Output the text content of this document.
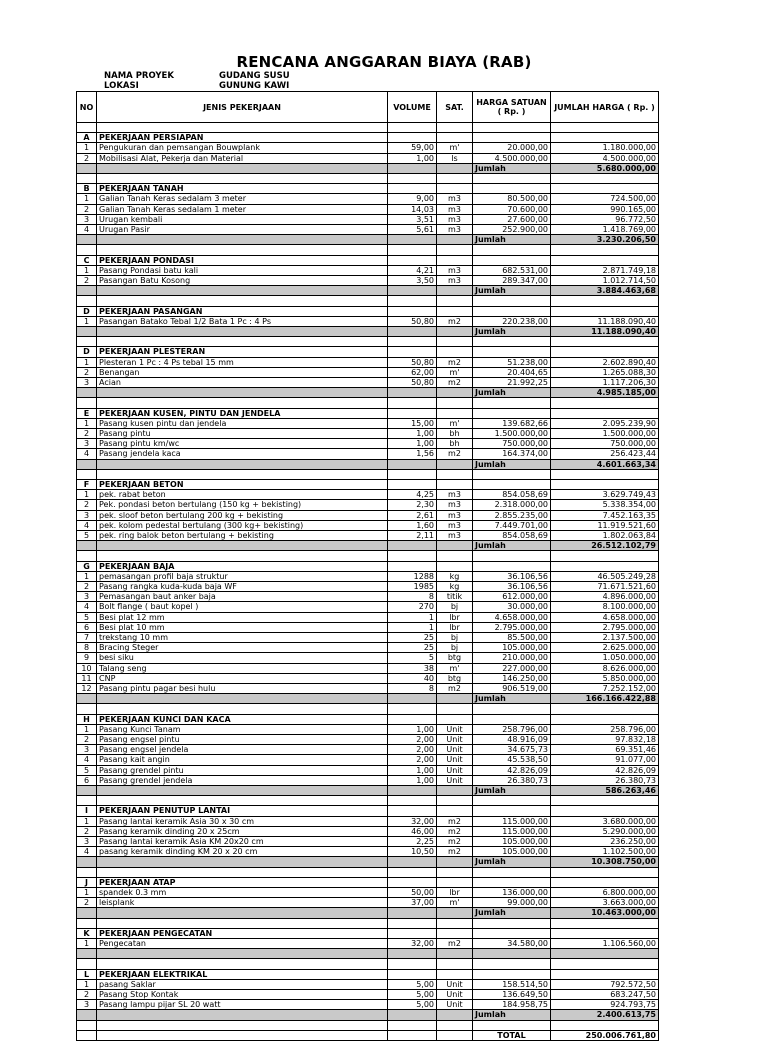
RENCANA ANGGARAN BIAYA (RAB)
NAMA PROYEK	GUDANG SUSU
LOKASI	GUNUNG KAWI
NO	JENIS PEKERJAAN	VOLUME	SAT.	HARGA SATUAN ( Rp. )	JUMLAH HARGA ( Rp. )

A	PEKERJAAN PERSIAPAN				
1	Pengukuran dan pemsangan Bouwplank	59,00	m'	20.000,00	1.180.000,00
2	Mobilisasi Alat, Pekerja dan Material	1,00	ls	4.500.000,00	4.500.000,00
				Jumlah	5.680.000,00

B	PEKERJAAN TANAH				
1	Galian Tanah Keras sedalam 3 meter	9,00	m3	80.500,00	724.500,00
2	Galian Tanah Keras sedalam 1 meter	14,03	m3	70.600,00	990.165,00
3	Urugan kembali	3,51	m3	27.600,00	96.772,50
4	Urugan Pasir	5,61	m3	252.900,00	1.418.769,00
				Jumlah	3.230.206,50

C	PEKERJAAN PONDASI				
1	Pasang Pondasi batu kali	4,21	m3	682.531,00	2.871.749,18
2	Pasangan Batu Kosong	3,50	m3	289.347,00	1.012.714,50
				Jumlah	3.884.463,68

D	PEKERJAAN PASANGAN				
1	Pasangan Batako Tebal 1/2 Bata 1 Pc : 4 Ps	50,80	m2	220.238,00	11.188.090,40
				Jumlah	11.188.090,40

D	PEKERJAAN PLESTERAN				
1	Plesteran 1 Pc : 4 Ps tebal 15 mm	50,80	m2	51.238,00	2.602.890,40
2	Benangan	62,00	m'	20.404,65	1.265.088,30
3	Acian	50,80	m2	21.992,25	1.117.206,30
				Jumlah	4.985.185,00

E	PEKERJAAN KUSEN, PINTU DAN JENDELA				
1	Pasang kusen pintu dan jendela	15,00	m'	139.682,66	2.095.239,90
2	Pasang pintu	1,00	bh	1.500.000,00	1.500.000,00
3	Pasang pintu km/wc	1,00	bh	750.000,00	750.000,00
4	Pasang jendela kaca	1,56	m2	164.374,00	256.423,44
				Jumlah	4.601.663,34

F	PEKERJAAN BETON				
1	pek. rabat beton	4,25	m3	854.058,69	3.629.749,43
2	Pek. pondasi beton bertulang (150 kg + bekisting)	2,30	m3	2.318.000,00	5.338.354,00
3	pek. sloof beton bertulang 200 kg + bekisting	2,61	m3	2.855.235,00	7.452.163,35
4	pek. kolom pedestal bertulang (300 kg+ bekisting)	1,60	m3	7.449.701,00	11.919.521,60
5	pek. ring balok beton bertulang + bekisting	2,11	m3	854.058,69	1.802.063,84
				Jumlah	26.512.102,79

G	PEKERJAAN BAJA				
1	pemasangan profil baja struktur	1288	kg	36.106,56	46.505.249,28
2	Pasang rangka kuda-kuda baja WF	1985	kg	36.106,56	71.671.521,60
3	Pemasangan baut anker baja	8	titik	612.000,00	4.896.000,00
4	Bolt flange ( baut kopel )	270	bj	30.000,00	8.100.000,00
5	Besi plat 12 mm	1	lbr	4.658.000,00	4.658.000,00
6	Besi plat 10 mm	1	lbr	2.795.000,00	2.795.000,00
7	trekstang 10 mm	25	bj	85.500,00	2.137.500,00
8	Bracing Steger	25	bj	105.000,00	2.625.000,00
9	besi siku	5	btg	210.000,00	1.050.000,00
10	Talang seng	38	m'	227.000,00	8.626.000,00
11	CNP	40	btg	146.250,00	5.850.000,00
12	Pasang pintu pagar besi hulu	8	m2	906.519,00	7.252.152,00
				Jumlah	166.166.422,88

H	PEKERJAAN KUNCI DAN KACA				
1	Pasang Kunci Tanam	1,00	Unit	258.796,00	258.796,00
2	Pasang engsel pintu	2,00	Unit	48.916,09	97.832,18
3	Pasang engsel jendela	2,00	Unit	34.675,73	69.351,46
4	Pasang kait angin	2,00	Unit	45.538,50	91.077,00
5	Pasang grendel pintu	1,00	Unit	42.826,09	42.826,09
6	Pasang grendel jendela	1,00	Unit	26.380,73	26.380,73
				Jumlah	586.263,46

I	PEKERJAAN PENUTUP LANTAI				
1	Pasang lantai keramik Asia 30 x 30 cm	32,00	m2	115.000,00	3.680.000,00
2	Pasang keramik dinding 20 x 25cm	46,00	m2	115.000,00	5.290.000,00
3	Pasang lantai keramik Asia KM 20x20 cm	2,25	m2	105.000,00	236.250,00
4	pasang keramik dinding KM 20 x 20 cm	10,50	m2	105.000,00	1.102.500,00
				Jumlah	10.308.750,00

J	PEKERJAAN ATAP				
1	spandek 0.3 mm	50,00	lbr	136.000,00	6.800.000,00
2	leisplank	37,00	m'	99.000,00	3.663.000,00
				Jumlah	10.463.000,00

K	PEKERJAAN PENGECATAN				
1	Pengecatan	32,00	m2	34.580,00	1.106.560,00

L	PEKERJAAN ELEKTRIKAL				
1	pasang Saklar	5,00	Unit	158.514,50	792.572,50
2	Pasang Stop Kontak	5,00	Unit	136.649,50	683.247,50
3	Pasang lampu pijar SL 20 watt	5,00	Unit	184.958,75	924.793,75
				Jumlah	2.400.613,75

				TOTAL	250.006.761,80
